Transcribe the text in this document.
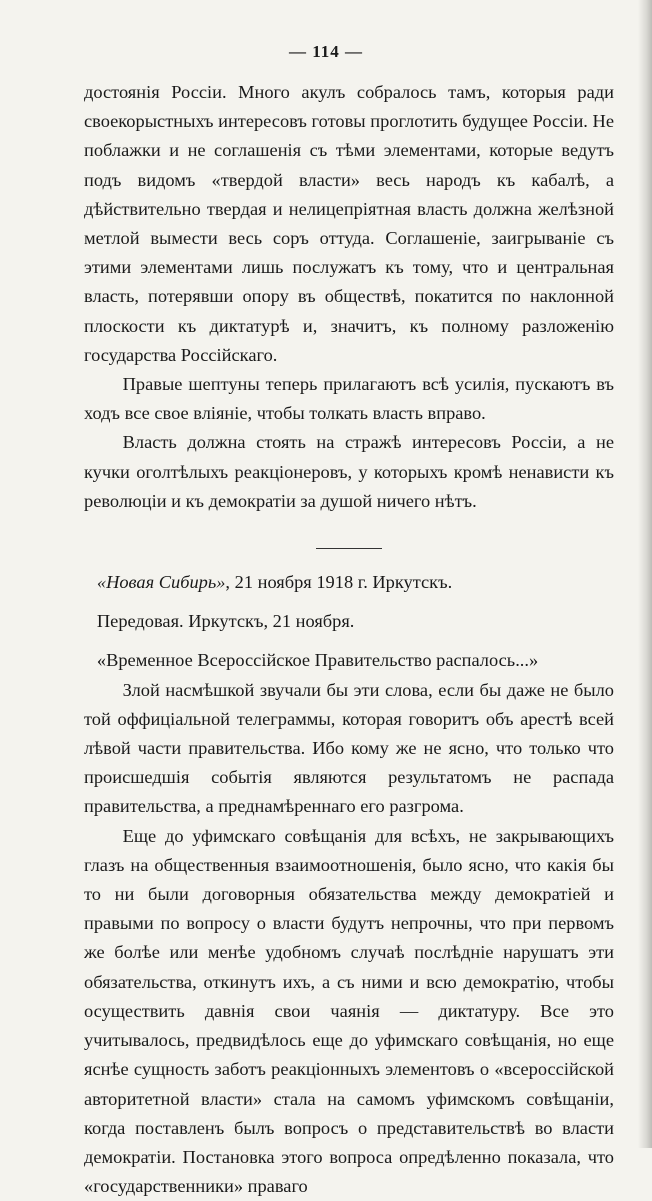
— 114 —

достоянія Россіи. Много акулъ собралось тамъ, которыя ради своекорыстныхъ интересовъ готовы проглотить будущее Россіи. Не поблажки и не соглашенія съ тѣми элементами, которые ведутъ подъ видомъ «твердой власти» весь народъ къ кабалѣ, а дѣйствительно твердая и нелицепріятная власть должна желѣзной метлой вымести весь соръ оттуда. Соглашеніе, заигрываніе съ этими элементами лишь послужатъ къ тому, что и центральная власть, потерявши опору въ обществѣ, покатится по наклонной плоскости къ диктатурѣ и, значитъ, къ полному разложенію государства Россійскаго.

Правые шептуны теперь прилагаютъ всѣ усилія, пускаютъ въ ходъ все свое вліяніе, чтобы толкать власть вправо.

Власть должна стоять на стражѣ интересовъ Россіи, а не кучки оголтѣлыхъ реакціонеровъ, у которыхъ кромѣ ненависти къ революціи и къ демократіи за душой ничего нѣтъ.

«Новая Сибирь», 21 ноября 1918 г. Иркутскъ.

Передовая. Иркутскъ, 21 ноября.

«Временное Всероссійское Правительство распалось...»

Злой насмѣшкой звучали бы эти слова, если бы даже не было той оффиціальной телеграммы, которая говоритъ объ арестѣ всей лѣвой части правительства. Ибо кому же не ясно, что только что происшедшія событія являются результатомъ не распада правительства, а преднамѣреннаго его разгрома.

Еще до уфимскаго совѣщанія для всѣхъ, не закрывающихъ глазъ на общественныя взаимоотношенія, было ясно, что какія бы то ни были договорныя обязательства между демократіей и правыми по вопросу о власти будутъ непрочны, что при первомъ же болѣе или менѣе удобномъ случаѣ послѣдніе нарушатъ эти обязательства, откинутъ ихъ, а съ ними и всю демократію, чтобы осуществить давнія свои чаянія — диктатуру. Все это учитывалось, предвидѣлось еще до уфимскаго совѣщанія, но еще яснѣе сущность заботъ реакціонныхъ элементовъ о «всероссійской авторитетной власти» стала на самомъ уфимскомъ совѣщаніи, когда поставленъ былъ вопросъ о представительствѣ во власти демократіи. Постановка этого вопроса опредѣленно показала, что «государственники» праваго
